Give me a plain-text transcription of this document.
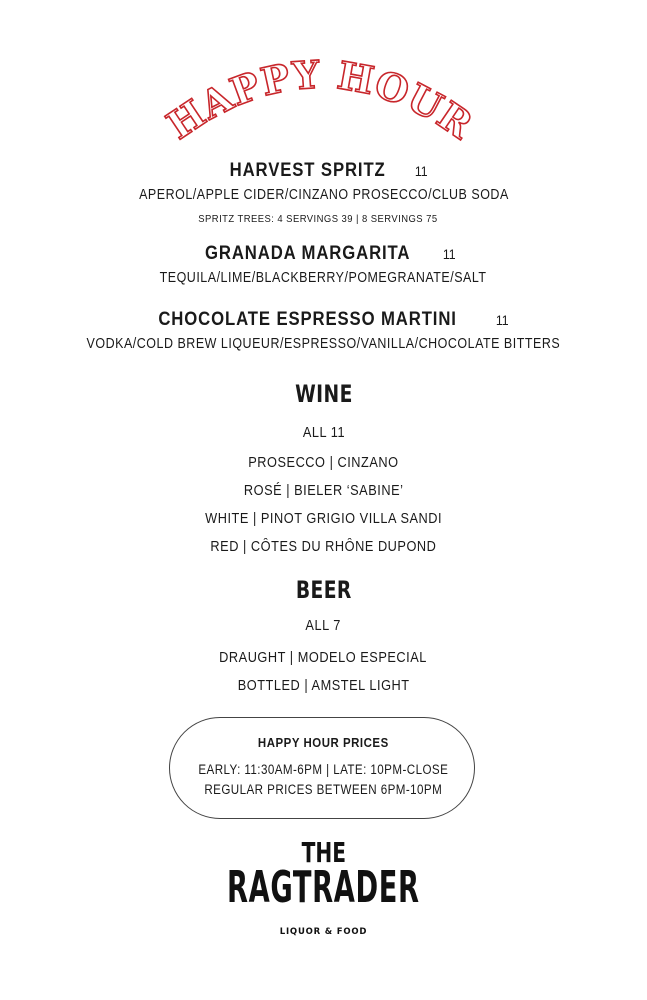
HAPPY HOUR
HARVEST SPRITZ 11
APEROL/APPLE CIDER/CINZANO PROSECCO/CLUB SODA
SPRITZ TREES: 4 SERVINGS 39 | 8 SERVINGS 75
GRANADA MARGARITA 11
TEQUILA/LIME/BLACKBERRY/POMEGRANATE/SALT
CHOCOLATE ESPRESSO MARTINI	11
VODKA/COLD BREW LIQUEUR/ESPRESSO/VANILLA/CHOCOLATE BITTERS
WINE
ALL 11
PROSECCO | CINZANO
ROSÉ | BIELER ‘SABINE’
WHITE | PINOT GRIGIO VILLA SANDI
RED | CÔTES DU RHÔNE DUPOND
BEER
ALL 7
DRAUGHT | MODELO ESPECIAL
BOTTLED | AMSTEL LIGHT
HAPPY HOUR PRICES
EARLY: 11:30AM-6PM | LATE: 10PM-CLOSE
REGULAR PRICES BETWEEN 6PM-10PM
THE
RAGTRADER
LIQUOR & FOOD
